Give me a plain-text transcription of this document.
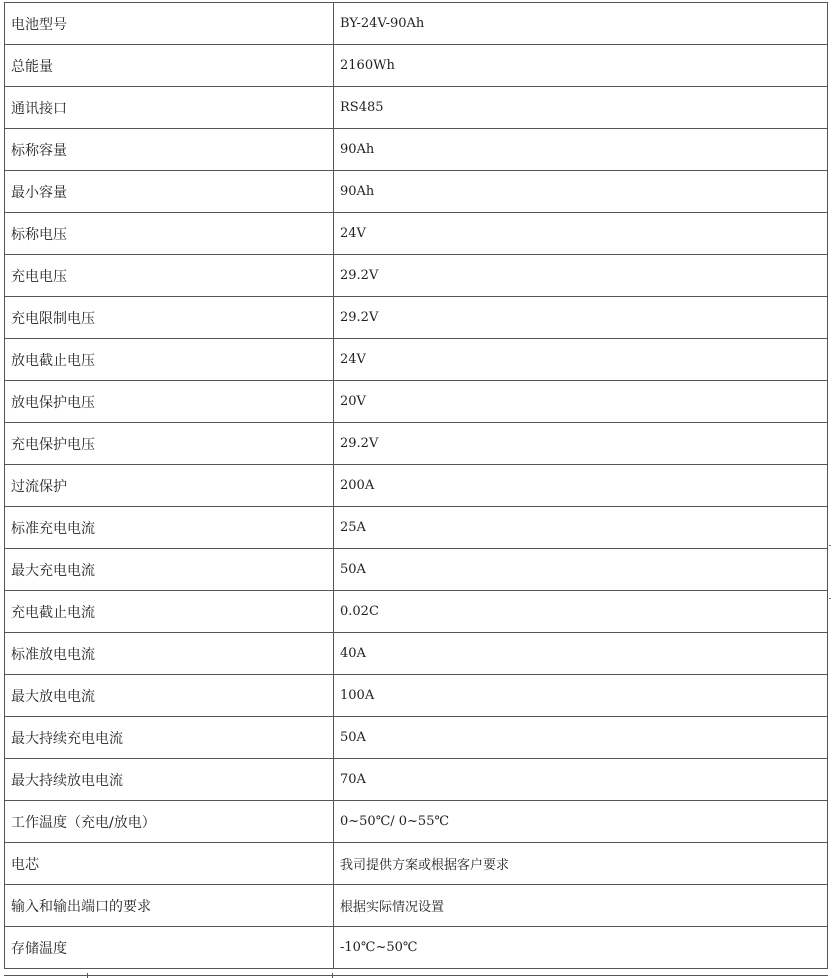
电池型号	BY-24V-90Ah
总能量	2160Wh
通讯接口	RS485
标称容量	90Ah
最小容量	90Ah
标称电压	24V
充电电压	29.2V
充电限制电压	29.2V
放电截止电压	24V
放电保护电压	20V
充电保护电压	29.2V
过流保护	200A
标准充电电流	25A
最大充电电流	50A
充电截止电流	0.02C
标准放电电流	40A
最大放电电流	100A
最大持续充电电流	50A
最大持续放电电流	70A
工作温度（充电/放电）	0~50℃/ 0~55℃
电芯	我司提供方案或根据客户要求
输入和输出端口的要求	根据实际情况设置
存储温度	-10℃~50℃
